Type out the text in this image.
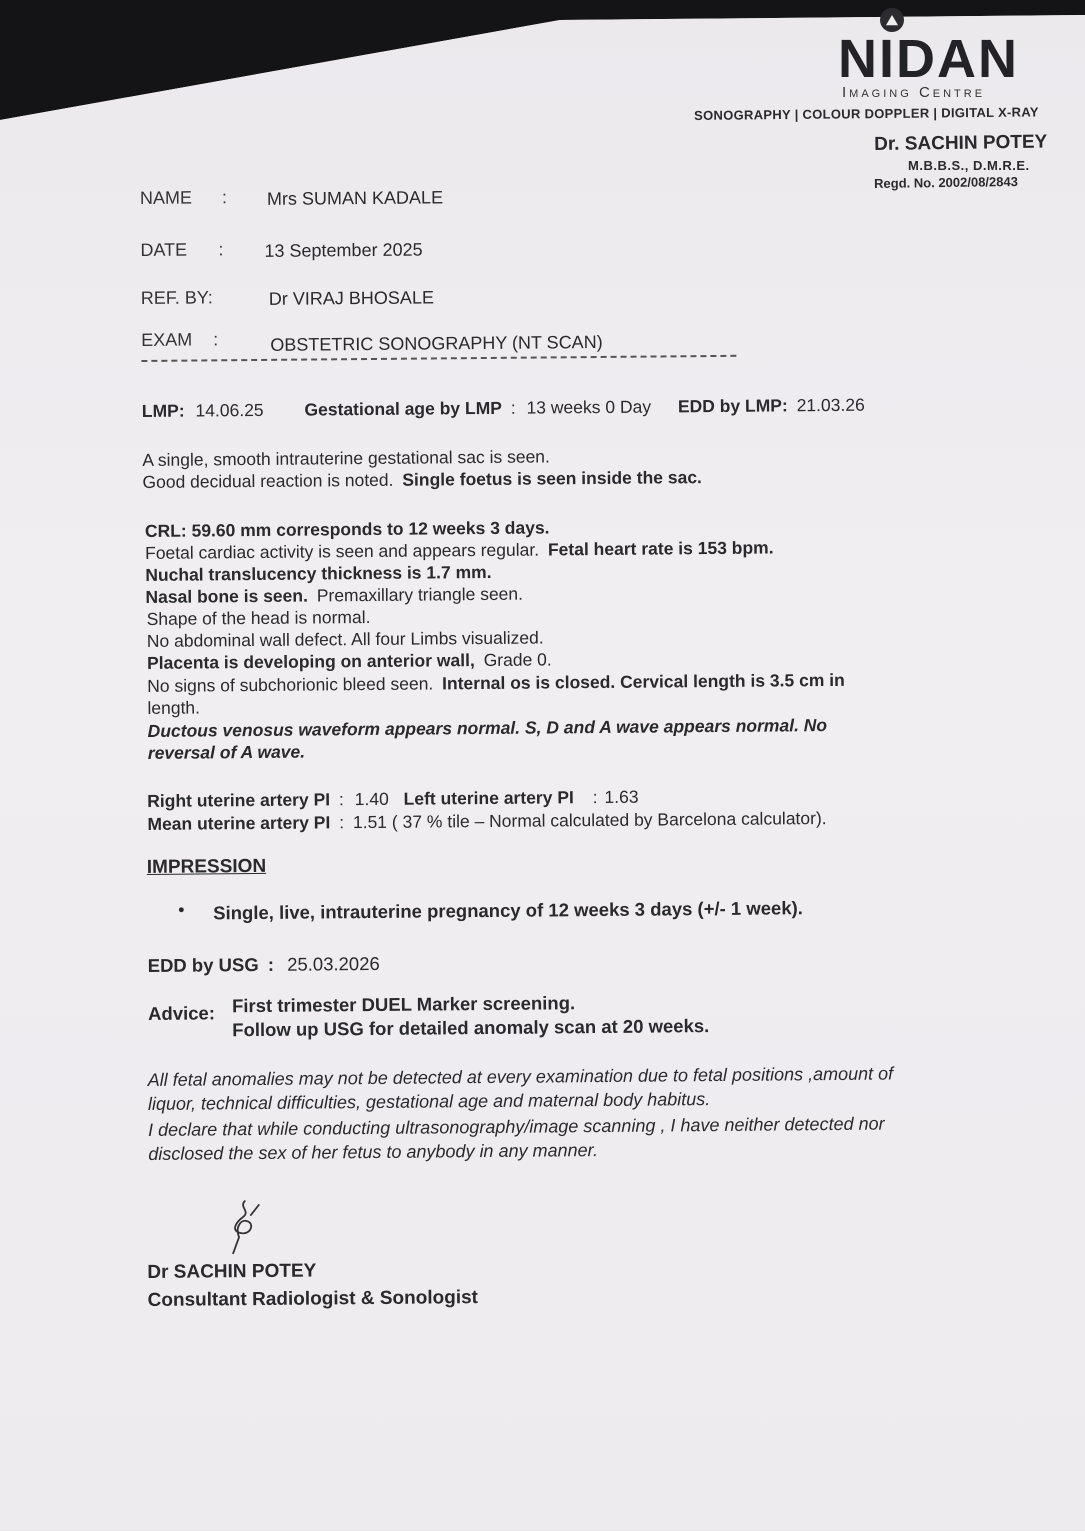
⛰
NIDAN
Imaging Centre
SONOGRAPHY | COLOUR DOPPLER | DIGITAL X-RAY
Dr. SACHIN POTEY
M.B.B.S., D.M.R.E.
Regd. No. 2002/08/2843
NAME : Mrs SUMAN KADALE
DATE : 13 September 2025
REF. BY:	Dr VIRAJ BHOSALE
EXAM :	OBSTETRIC SONOGRAPHY (NT SCAN)
LMP: 14.06.25 Gestational age by LMP : 13 weeks 0 Day EDD by LMP: 21.03.26
A single, smooth intrauterine gestational sac is seen.
Good decidual reaction is noted. Single foetus is seen inside the sac.
CRL: 59.60 mm corresponds to 12 weeks 3 days.
Foetal cardiac activity is seen and appears regular. Fetal heart rate is 153 bpm.
Nuchal translucency thickness is 1.7 mm.
Nasal bone is seen. Premaxillary triangle seen.
Shape of the head is normal.
No abdominal wall defect. All four Limbs visualized.
Placenta is developing on anterior wall, Grade 0.
No signs of subchorionic bleed seen. Internal os is closed. Cervical length is 3.5 cm in
length.
Ductous venosus waveform appears normal. S, D and A wave appears normal. No
reversal of A wave.
Right uterine artery PI : 1.40 Left uterine artery PI : 1.63
Mean uterine artery PI : 1.51 ( 37 % tile – Normal calculated by Barcelona calculator).
IMPRESSION
• Single, live, intrauterine pregnancy of 12 weeks 3 days (+/- 1 week).
EDD by USG : 25.03.2026
Advice: First trimester DUEL Marker screening.
Follow up USG for detailed anomaly scan at 20 weeks.
All fetal anomalies may not be detected at every examination due to fetal positions ,amount of
liquor, technical difficulties, gestational age and maternal body habitus.
I declare that while conducting ultrasonography/image scanning , I have neither detected nor
disclosed the sex of her fetus to anybody in any manner.
Dr SACHIN POTEY
Consultant Radiologist & Sonologist
